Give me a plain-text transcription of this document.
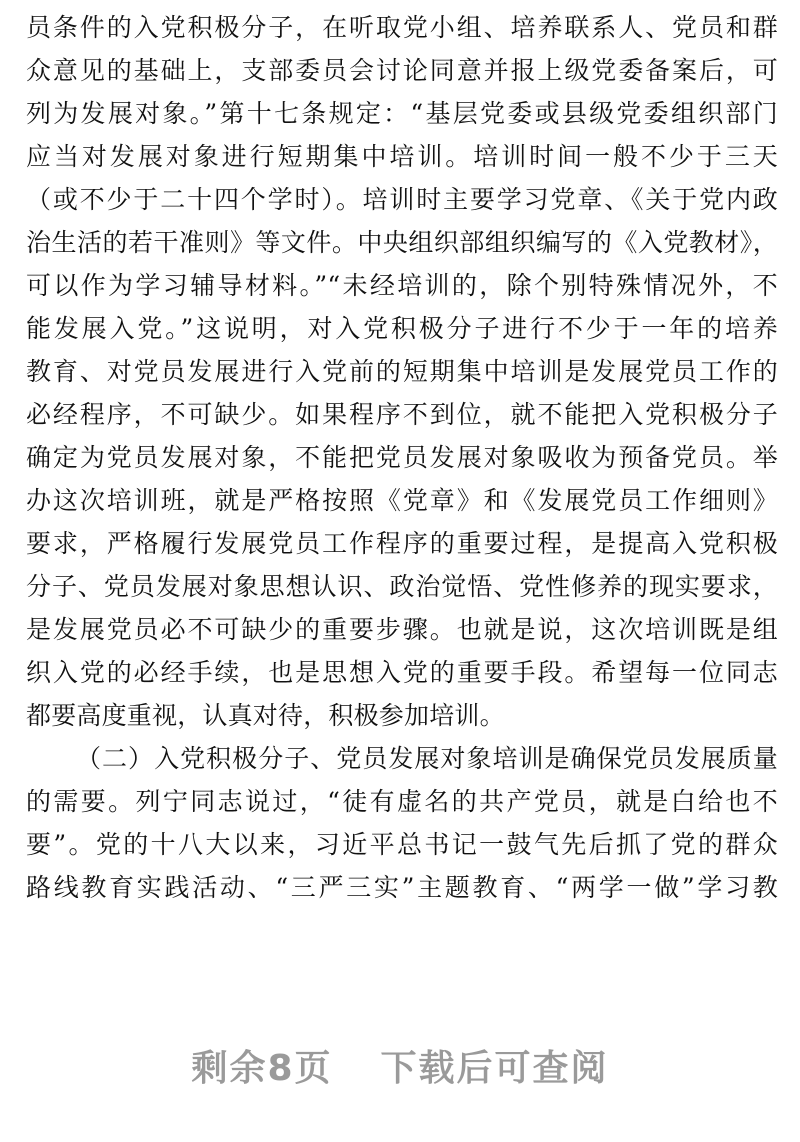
员条件的入党积极分子，在听取党小组、培养联系人、党员和群
众意见的基础上，支部委员会讨论同意并报上级党委备案后，可
列为发展对象。”第十七条规定：“基层党委或县级党委组织部门
应当对发展对象进行短期集中培训。培训时间一般不少于三天
（或不少于二十四个学时）。培训时主要学习党章、《关于党内政
治生活的若干准则》等文件。中央组织部组织编写的《入党教材》，
可以作为学习辅导材料。”“未经培训的，除个别特殊情况外，不
能发展入党。”这说明，对入党积极分子进行不少于一年的培养
教育、对党员发展进行入党前的短期集中培训是发展党员工作的
必经程序，不可缺少。如果程序不到位，就不能把入党积极分子
确定为党员发展对象，不能把党员发展对象吸收为预备党员。举
办这次培训班，就是严格按照《党章》和《发展党员工作细则》
要求，严格履行发展党员工作程序的重要过程，是提高入党积极
分子、党员发展对象思想认识、政治觉悟、党性修养的现实要求，
是发展党员必不可缺少的重要步骤。也就是说，这次培训既是组
织入党的必经手续，也是思想入党的重要手段。希望每一位同志
都要高度重视，认真对待，积极参加培训。
（二）入党积极分子、党员发展对象培训是确保党员发展质量
的需要。列宁同志说过，“徒有虚名的共产党员，就是白给也不
要”。党的十八大以来，习近平总书记一鼓气先后抓了党的群众
路线教育实践活动、“三严三实”主题教育、“两学一做”学习教
剩余8页 下载后可查阅
